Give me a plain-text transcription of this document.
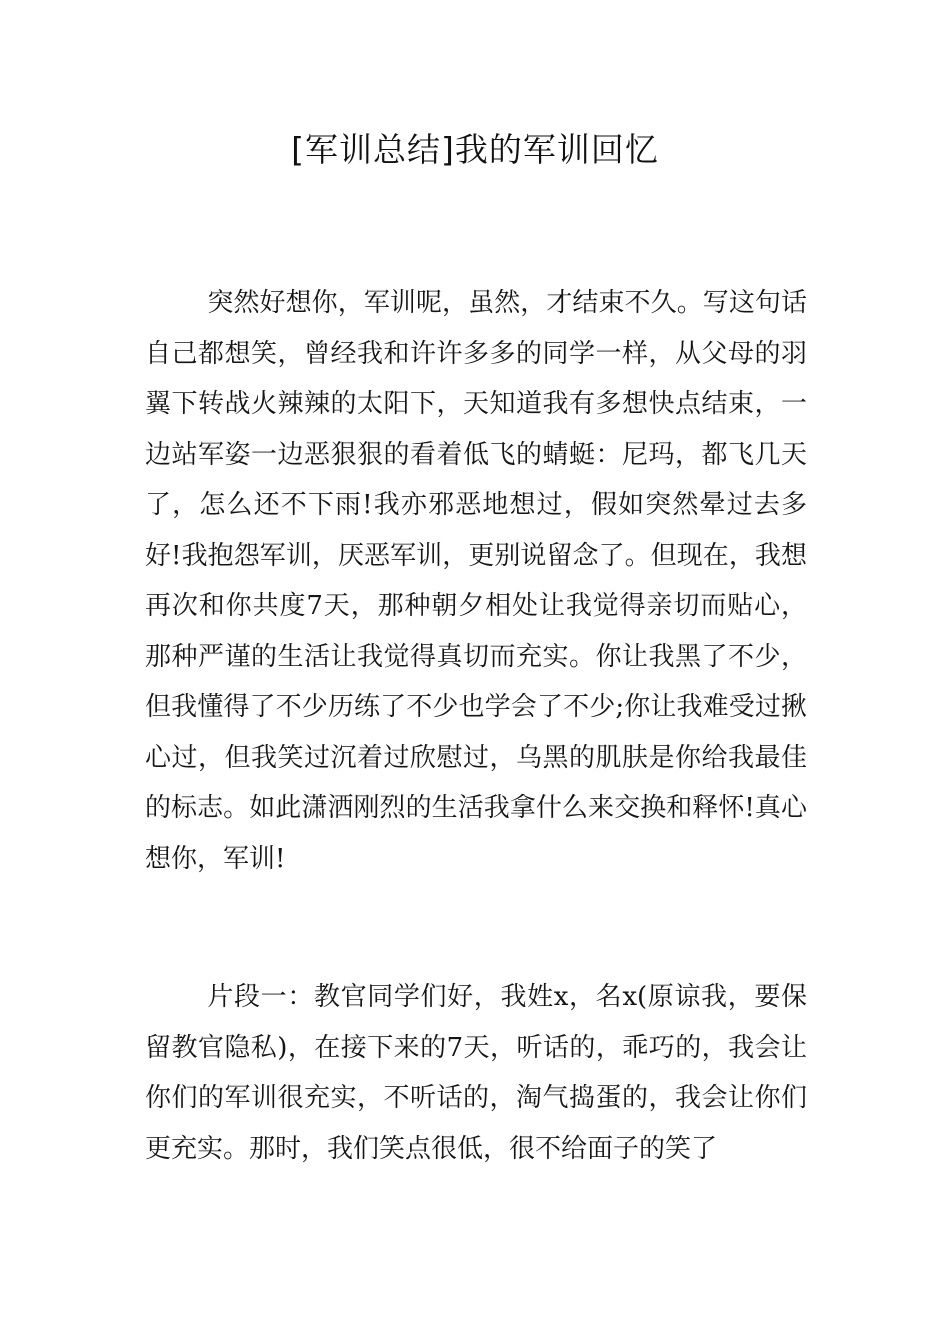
[军训总结]我的军训回忆
突然好想你，军训呢，虽然，才结束不久。写这句话自己都想笑，曾经我和许许多多的同学一样，从父母的羽翼下转战火辣辣的太阳下，天知道我有多想快点结束，一边站军姿一边恶狠狠的看着低飞的蜻蜓：尼玛，都飞几天了，怎么还不下雨!我亦邪恶地想过，假如突然晕过去多好!我抱怨军训，厌恶军训，更别说留念了。但现在，我想再次和你共度7天，那种朝夕相处让我觉得亲切而贴心，那种严谨的生活让我觉得真切而充实。你让我黑了不少，但我懂得了不少历练了不少也学会了不少;你让我难受过揪心过，但我笑过沉着过欣慰过，乌黑的肌肤是你给我最佳的标志。如此潇洒刚烈的生活我拿什么来交换和释怀!真心想你，军训!
片段一：教官同学们好，我姓x，名x(原谅我，要保留教官隐私)，在接下来的7天，听话的，乖巧的，我会让你们的军训很充实，不听话的，淘气捣蛋的，我会让你们更充实。那时，我们笑点很低，很不给面子的笑了
